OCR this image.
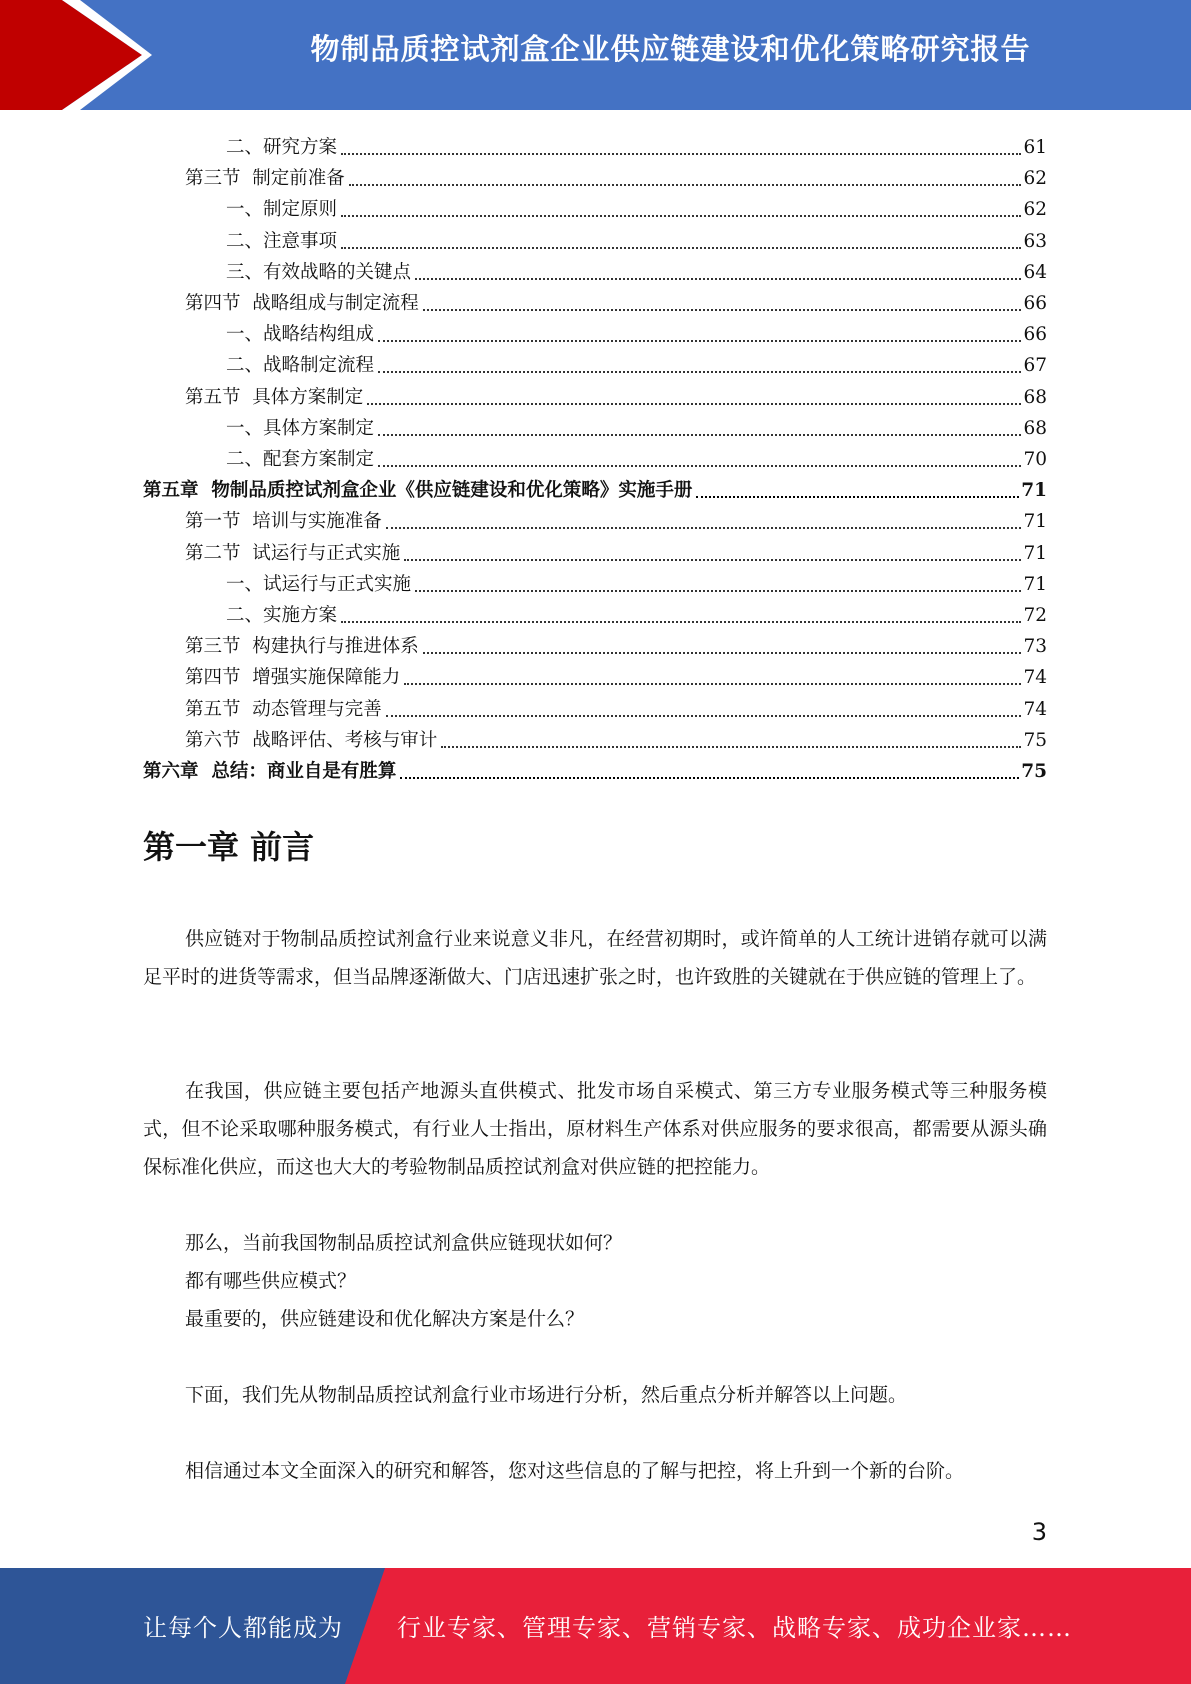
物制品质控试剂盒企业供应链建设和优化策略研究报告
二、研究方案	61
第三节  制定前准备	62
一、制定原则	62
二、注意事项	63
三、有效战略的关键点	64
第四节  战略组成与制定流程	66
一、战略结构组成	66
二、战略制定流程	67
第五节  具体方案制定	68
一、具体方案制定	68
二、配套方案制定	70
第五章  物制品质控试剂盒企业《供应链建设和优化策略》实施手册	71
第一节  培训与实施准备	71
第二节  试运行与正式实施	71
一、试运行与正式实施	71
二、实施方案	72
第三节  构建执行与推进体系	73
第四节  增强实施保障能力	74
第五节  动态管理与完善	74
第六节  战略评估、考核与审计	75
第六章  总结：商业自是有胜算	75
第一章 前言

供应链对于物制品质控试剂盒行业来说意义非凡，在经营初期时，或许简单的人工统计进销存就可以满足平时的进货等需求，但当品牌逐渐做大、门店迅速扩张之时，也许致胜的关键就在于供应链的管理上了。

在我国，供应链主要包括产地源头直供模式、批发市场自采模式、第三方专业服务模式等三种服务模式，但不论采取哪种服务模式，有行业人士指出，原材料生产体系对供应服务的要求很高，都需要从源头确保标准化供应，而这也大大的考验物制品质控试剂盒对供应链的把控能力。

那么，当前我国物制品质控试剂盒供应链现状如何？

都有哪些供应模式？

最重要的，供应链建设和优化解决方案是什么？

下面，我们先从物制品质控试剂盒行业市场进行分析，然后重点分析并解答以上问题。

相信通过本文全面深入的研究和解答，您对这些信息的了解与把控，将上升到一个新的台阶。

3
让每个人都能成为 行业专家、管理专家、营销专家、战略专家、成功企业家……
